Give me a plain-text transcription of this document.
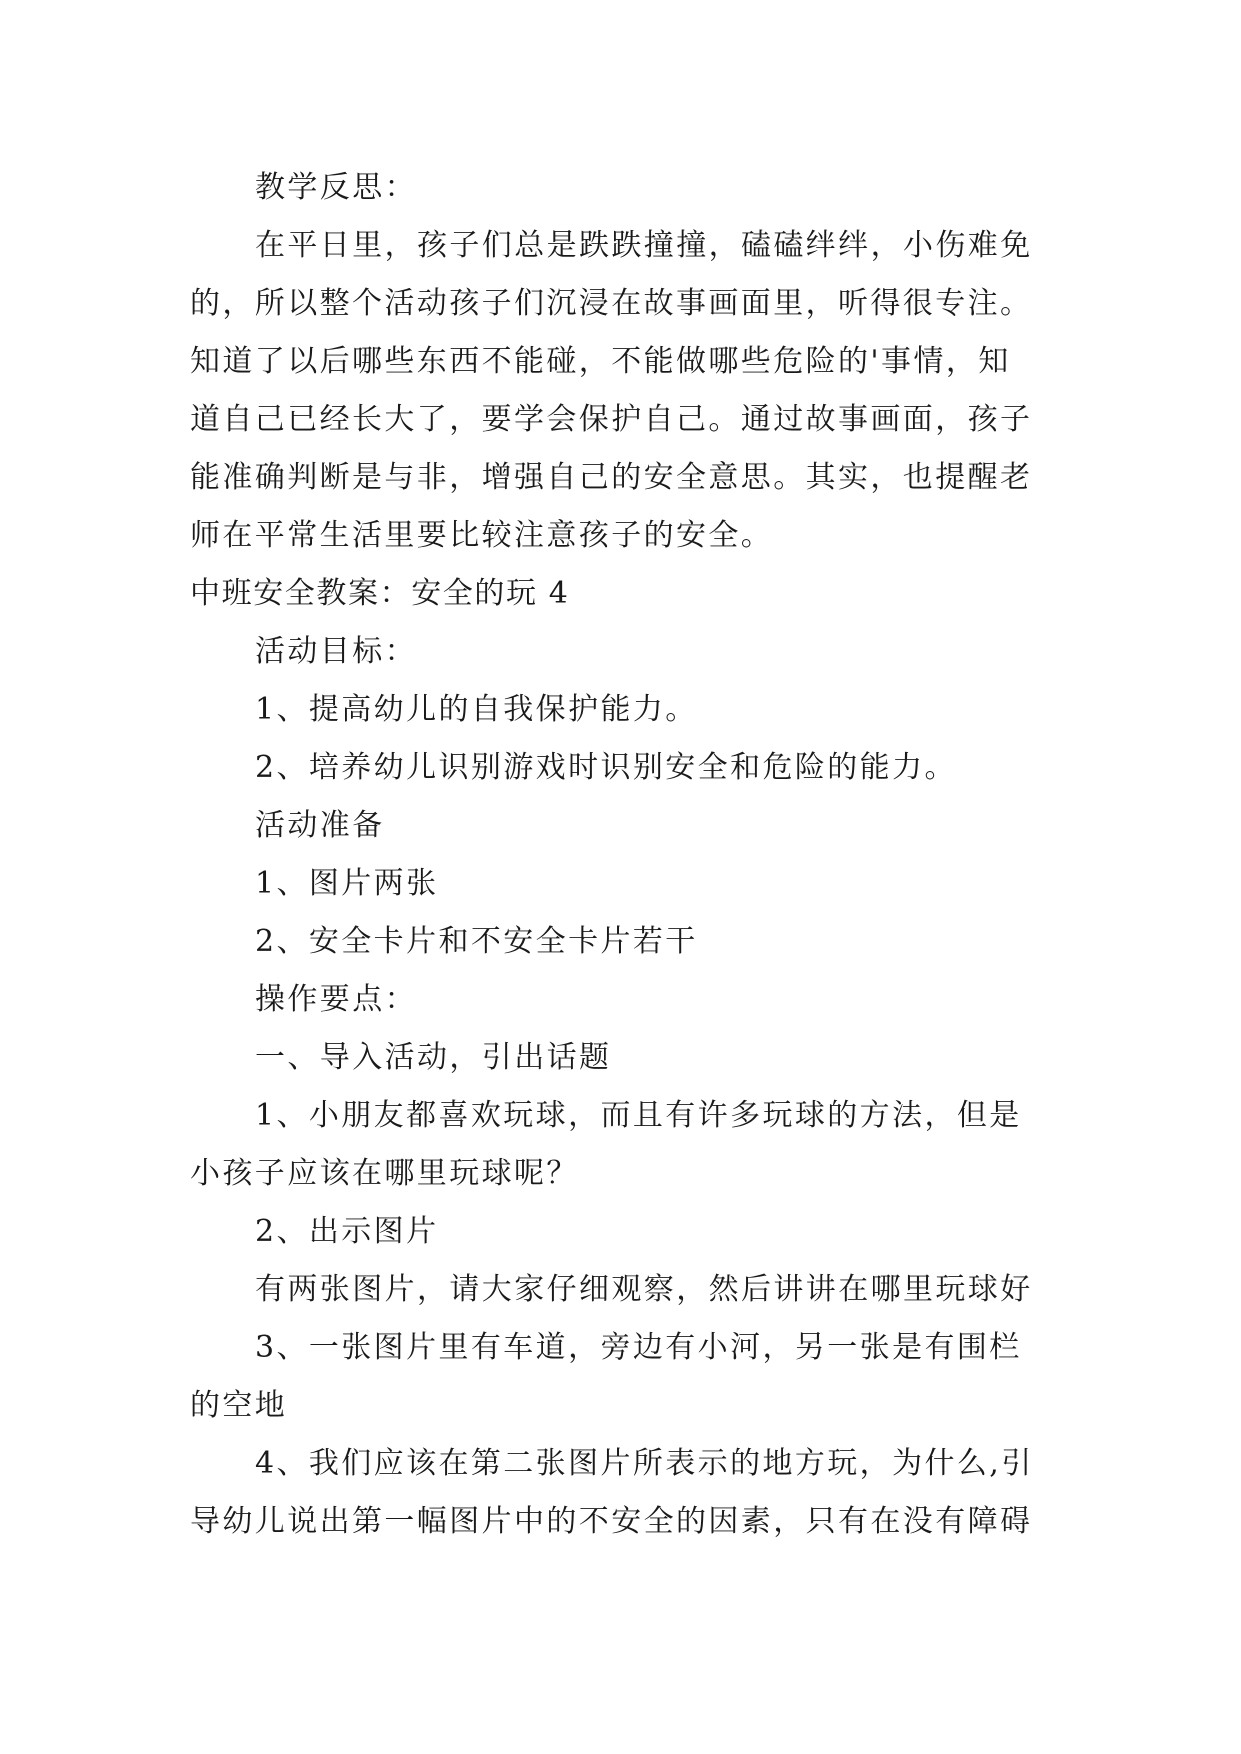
教学反思：
在平日里，孩子们总是跌跌撞撞，磕磕绊绊，小伤难免
的，所以整个活动孩子们沉浸在故事画面里，听得很专注。
知道了以后哪些东西不能碰，不能做哪些危险的'事情，知
道自己已经长大了，要学会保护自己。通过故事画面，孩子
能准确判断是与非，增强自己的安全意思。其实，也提醒老
师在平常生活里要比较注意孩子的安全。
中班安全教案：安全的玩 4
活动目标：
1、提高幼儿的自我保护能力。
2、培养幼儿识别游戏时识别安全和危险的能力。
活动准备
1、图片两张
2、安全卡片和不安全卡片若干
操作要点：
一、导入活动，引出话题
1、小朋友都喜欢玩球，而且有许多玩球的方法，但是
小孩子应该在哪里玩球呢？
2、出示图片
有两张图片，请大家仔细观察，然后讲讲在哪里玩球好
3、一张图片里有车道，旁边有小河，另一张是有围栏
的空地
4、我们应该在第二张图片所表示的地方玩，为什么,引
导幼儿说出第一幅图片中的不安全的因素，只有在没有障碍
